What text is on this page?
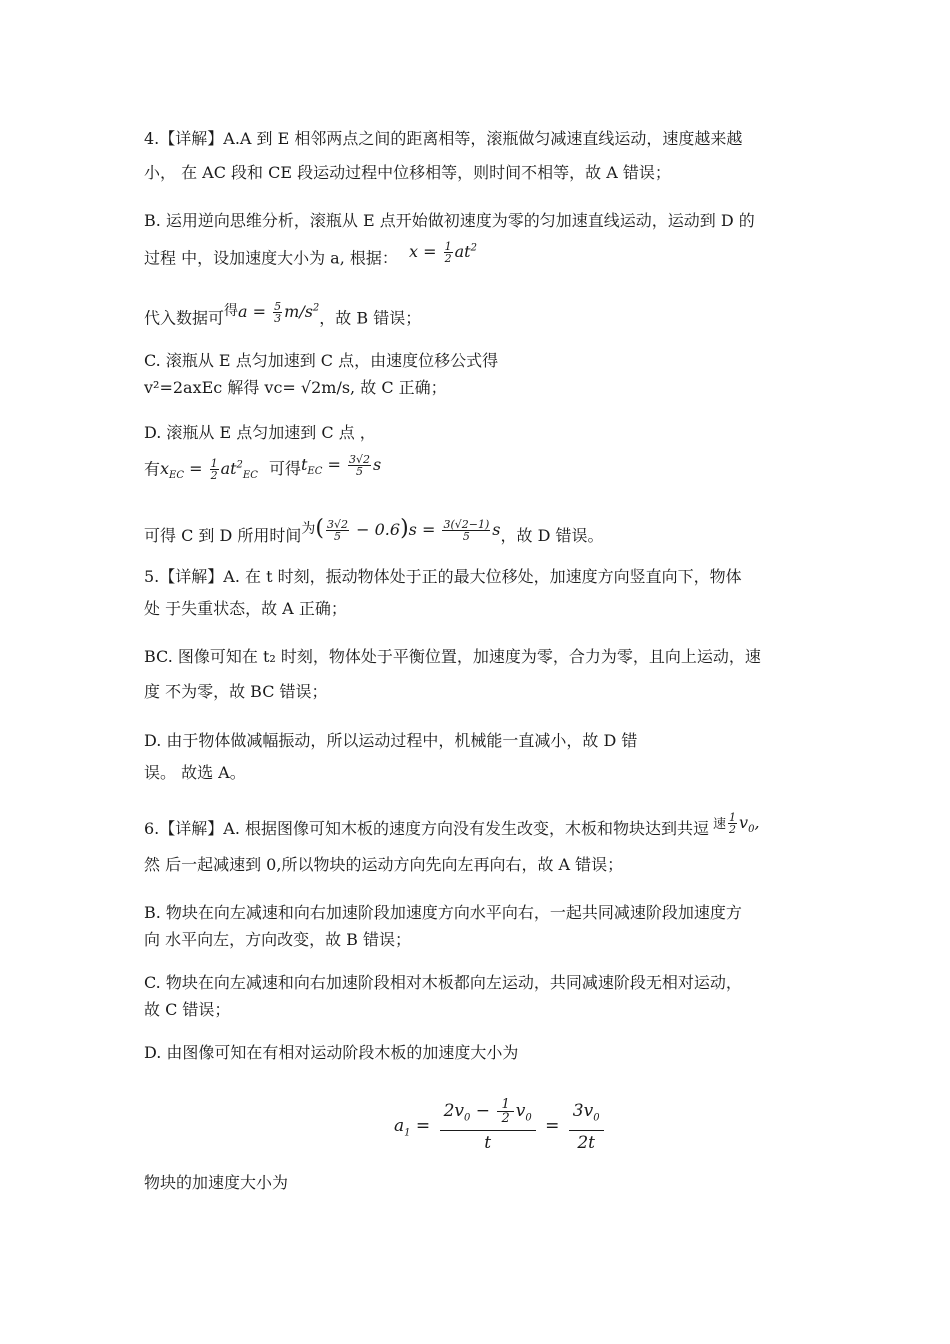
4.【详解】A.A 到 E 相邻两点之间的距离相等，滚瓶做匀减速直线运动，速度越来越
小， 在 AC 段和 CE 段运动过程中位移相等，则时间不相等，故 A 错误；
B. 运用逆向思维分析，滚瓶从 E 点开始做初速度为零的匀加速直线运动，运动到 D 的
过程 中，设加速度大小为 a, 根据： $x = \frac{1}{2} at^2$
代入数据可得$a = \frac{5}{3} m/s^2$，故 B 错误；
C. 滚瓶从 E 点匀加速到 C 点，由速度位移公式得
v²=2axEc 解得 vc= √2m/s, 故 C 正确；
D. 滚瓶从 E 点匀加速到 C 点 ，
有$x_{EC} = \frac{1}{2} at^2_{EC}$ 可得$t_{EC} = \frac{3√2}{5}$ s
可得 C 到 D 所用时间为( $\frac{3√2}{5} - 0.6)s = \frac{3(√2-1)}{5}$ s，故 D 错误。
5.【详解】A. 在 t 时刻，振动物体处于正的最大位移处，加速度方向竖直向下，物体
处 于失重状态，故 A 正确；
BC. 图像可知在 t₂ 时刻，物体处于平衡位置，加速度为零，合力为零，且向上运动，速
度 不为零，故 BC 错误；
D. 由于物体做减幅振动，所以运动过程中，机械能一直减小，故 D 错
误。 故选 A。
6.【详解】A. 根据图像可知木板的速度方向没有发生改变，木板和物块达到共逗 $^速 \frac{1}{2} v_0$,
然 后一起减速到 0,所以物块的运动方向先向左再向右，故 A 错误；
B. 物块在向左减速和向右加速阶段加速度方向水平向右，一起共同减速阶段加速度方
向 水平向左，方向改变，故 B 错误；
C. 物块在向左减速和向右加速阶段相对木板都向左运动，共同减速阶段无相对运动，
故 C 错误；
D. 由图像可知在有相对运动阶段木板的加速度大小为
$a_1 = \frac{2v_0 - \frac{1}{2} v_0}{t} = \frac{3v_0}{2t}$
物块的加速度大小为
